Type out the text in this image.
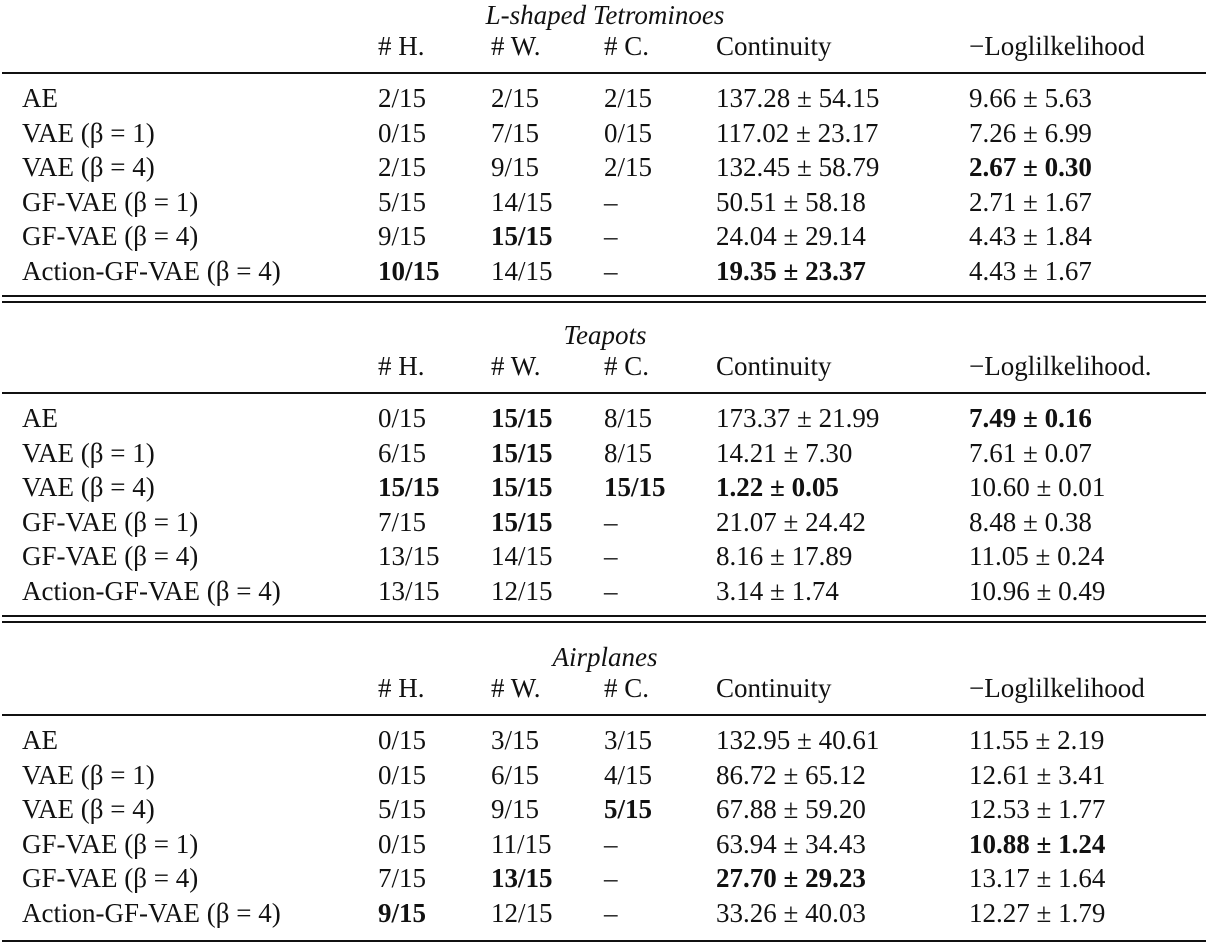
L-shaped Tetrominoes
# H. # W. # C. Continuity	−Loglilkelihood
AE	2/15 2/15 2/15 137.28 ± 54.15	9.66 ± 5.63
VAE (β = 1)	0/15 7/15 0/15 117.02 ± 23.17	7.26 ± 6.99
VAE (β = 4)	2/15 9/15 2/15 132.45 ± 58.79	2.67 ± 0.30
GF-VAE (β = 1)	5/15 14/15 –	50.51 ± 58.18	2.71 ± 1.67
GF-VAE (β = 4)	9/15 15/15 –	24.04 ± 29.14	4.43 ± 1.84
Action-GF-VAE (β = 4)	10/15 14/15 –	19.35 ± 23.37	4.43 ± 1.67
Teapots
# H. # W. # C. Continuity	−Loglilkelihood.
AE	0/15 15/15 8/15 173.37 ± 21.99	7.49 ± 0.16
VAE (β = 1)	6/15 15/15 8/15 14.21 ± 7.30	7.61 ± 0.07
VAE (β = 4)	15/15 15/15 15/15 1.22 ± 0.05	10.60 ± 0.01
GF-VAE (β = 1)	7/15 15/15 –	21.07 ± 24.42	8.48 ± 0.38
GF-VAE (β = 4)	13/15 14/15 –	8.16 ± 17.89	11.05 ± 0.24
Action-GF-VAE (β = 4)	13/15 12/15 –	3.14 ± 1.74	10.96 ± 0.49
Airplanes
# H. # W. # C. Continuity	−Loglilkelihood
AE	0/15 3/15 3/15 132.95 ± 40.61	11.55 ± 2.19
VAE (β = 1)	0/15 6/15 4/15 86.72 ± 65.12	12.61 ± 3.41
VAE (β = 4)	5/15 9/15 5/15 67.88 ± 59.20	12.53 ± 1.77
GF-VAE (β = 1)	0/15 11/15 –	63.94 ± 34.43	10.88 ± 1.24
GF-VAE (β = 4)	7/15 13/15 –	27.70 ± 29.23	13.17 ± 1.64
Action-GF-VAE (β = 4)	9/15 12/15 –	33.26 ± 40.03	12.27 ± 1.79
